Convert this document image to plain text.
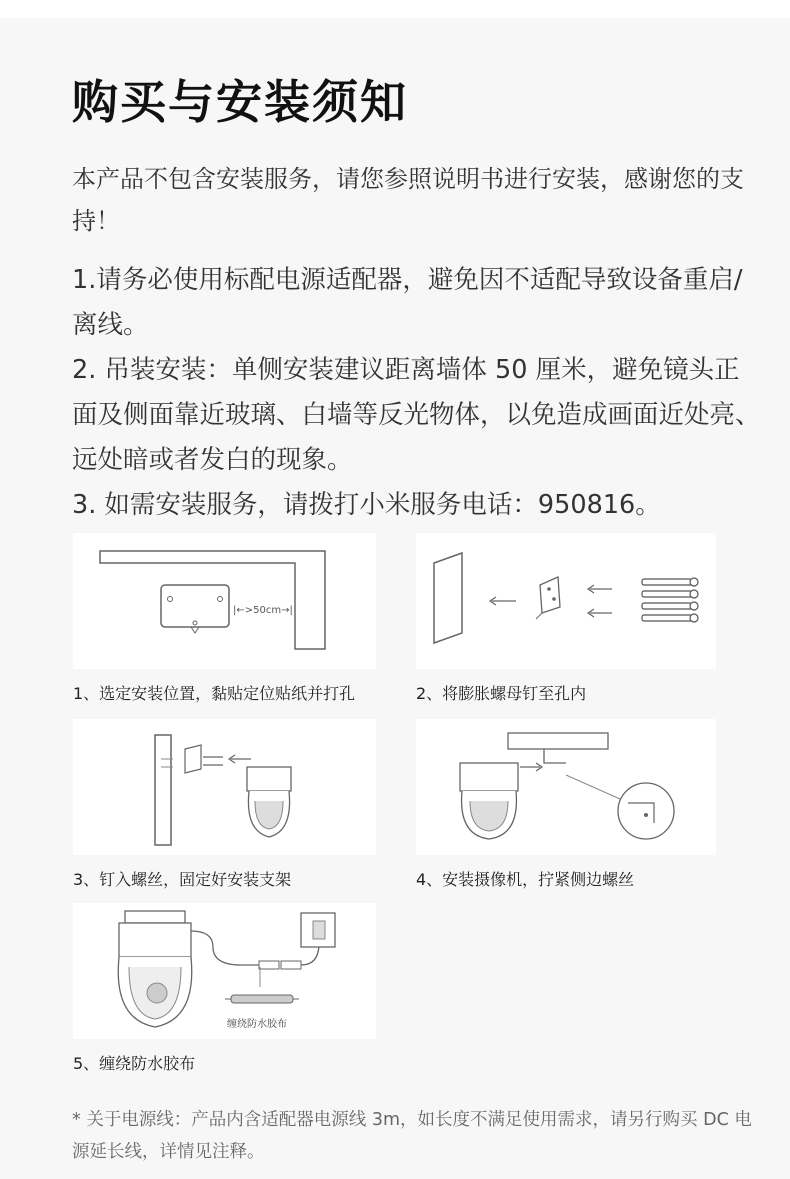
购买与安装须知
本产品不包含安装服务，请您参照说明书进行安装，感谢您的支持！

1.请务必使用标配电源适配器，避免因不适配导致设备重启/离线。

2. 吊装安装：单侧安装建议距离墙体 50 厘米，避免镜头正面及侧面靠近玻璃、白墙等反光物体，以免造成画面近处亮、远处暗或者发白的现象。

3. 如需安装服务，请拨打小米服务电话：950816。

|←>50cm→|
1、选定安装位置，黏贴定位贴纸并打孔	2、将膨胀螺母钉至孔内
3、钉入螺丝，固定好安装支架	4、安装摄像机，拧紧侧边螺丝
缠绕防水胶布
5、缠绕防水胶布
* 关于电源线：产品内含适配器电源线 3m，如长度不满足使用需求，请另行购买 DC 电源延长线，详情见注释。
